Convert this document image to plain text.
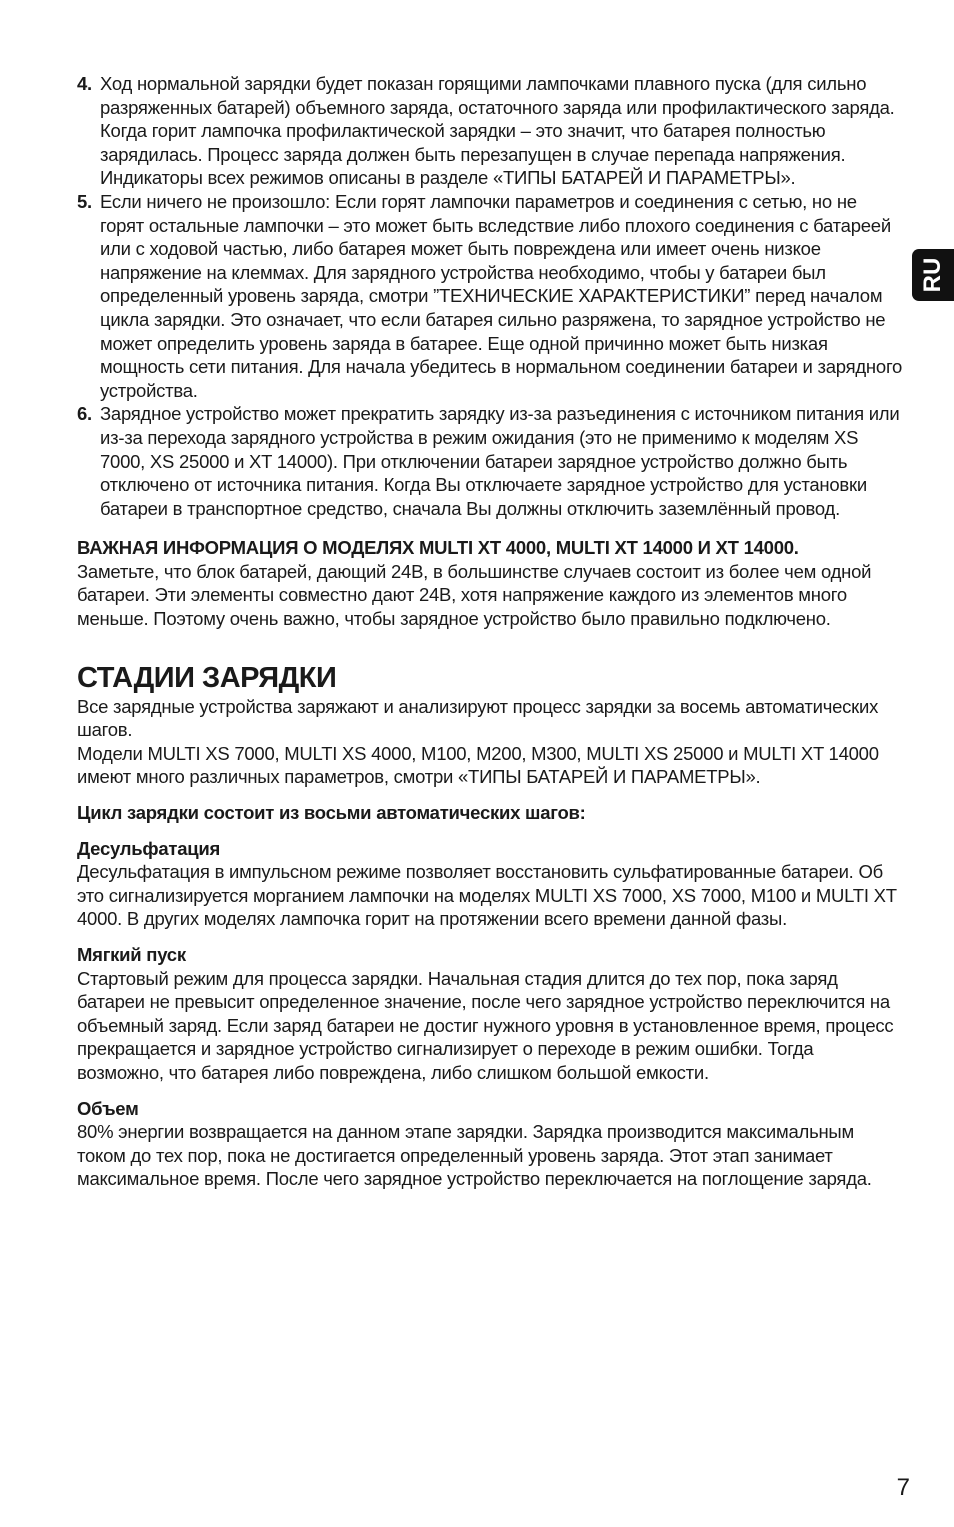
RU
4. Ход нормальной зарядки будет показан горящими лампочками плавного пуска (для сильно разряженных батарей) объемного заряда, остаточного заряда или профилактического заряда. Когда горит лампочка профилактической зарядки – это значит, что батарея полностью зарядилась. Процесс заряда должен быть перезапущен в случае перепада напряжения. Индикаторы всех режимов описаны в разделе «ТИПЫ БАТАРЕЙ И ПАРАМЕТРЫ».
5. Если ничего не произошло: Если горят лампочки параметров и соединения с сетью, но не горят остальные лампочки – это может быть вследствие либо плохого соединения с батареей или с ходовой частью, либо батарея может быть повреждена или имеет очень низкое напряжение на клеммах. Для зарядного устройства необходимо, чтобы у батареи был определенный уровень заряда, смотри ”ТЕХНИЧЕСКИЕ ХАРАКТЕРИСТИКИ” перед началом цикла зарядки. Это означает, что если батарея сильно разряжена, то зарядное устройство не может определить уровень заряда в батарее. Еще одной причинно может быть низкая мощность сети питания. Для начала убедитесь в нормальном соединении батареи и зарядного устройства.
6. Зарядное устройство может прекратить зарядку из-за разъединения с источником питания или из-за перехода зарядного устройства в режим ожидания (это не применимо к моделям XS 7000, XS 25000 и XT 14000). При отключении батареи зарядное устройство должно быть отключено от источника питания. Когда Вы отключаете зарядное устройство для установки батареи в транспортное средство, сначала Вы должны отключить заземлённый провод.

ВАЖНАЯ ИНФОРМАЦИЯ О МОДЕЛЯХ MULTI XT 4000, MULTI XT 14000 И XT 14000.

Заметьте, что блок батарей, дающий 24В, в большинстве случаев состоит из более чем одной батареи. Эти элементы совместно дают 24В, хотя напряжение каждого из элементов много меньше. Поэтому очень важно, чтобы зарядное устройство было правильно подключено.

СТАДИИ ЗАРЯДКИ

Все зарядные устройства заряжают и анализируют процесс зарядки за восемь автоматических шагов.

Модели MULTI XS 7000, MULTI XS 4000, M100, M200, M300, MULTI XS 25000 и MULTI XT 14000 имеют много различных параметров, смотри «ТИПЫ БАТАРЕЙ И ПАРАМЕТРЫ».

Цикл зарядки состоит из восьми автоматических шагов:

Десульфатация

Десульфатация в импульсном режиме позволяет восстановить сульфатированные батареи. Об это сигнализируется морганием лампочки на моделях MULTI XS 7000, XS 7000, M100 и MULTI XT 4000. В других моделях лампочка горит на протяжении всего времени данной фазы.

Мягкий пуск

Стартовый режим для процесса зарядки. Начальная стадия длится до тех пор, пока заряд батареи не превысит определенное значение, после чего зарядное устройство переключится на объемный заряд. Если заряд батареи не достиг нужного уровня в установленное время, процесс прекращается и зарядное устройство сигнализирует о переходе в режим ошибки. Тогда возможно, что батарея либо повреждена, либо слишком большой емкости.

Объем

80% энергии возвращается на данном этапе зарядки. Зарядка производится максимальным током до тех пор, пока не достигается определенный уровень заряда. Этот этап занимает максимальное время. После чего зарядное устройство переключается на поглощение заряда.

7
